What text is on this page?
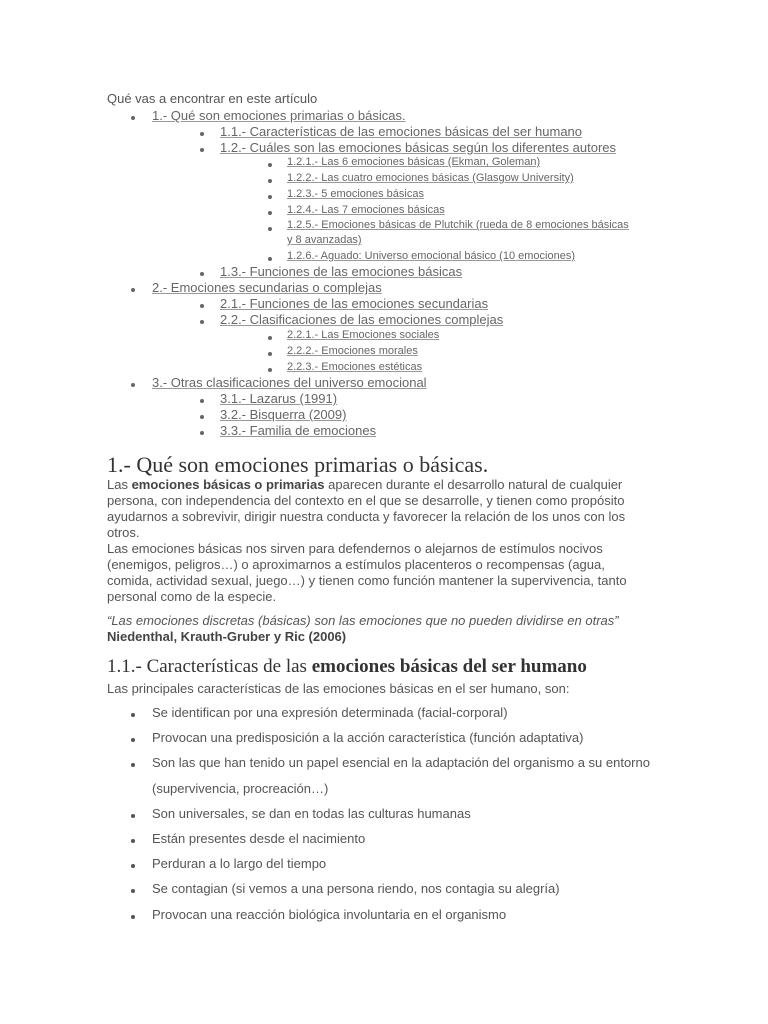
Qué vas a encontrar en este artículo
1.- Qué son emociones primarias o básicas.
1.1.- Características de las emociones básicas del ser humano
1.2.- Cuáles son las emociones básicas según los diferentes autores
1.2.1.- Las 6 emociones básicas (Ekman, Goleman)
1.2.2.- Las cuatro emociones básicas (Glasgow University)
1.2.3.- 5 emociones básicas
1.2.4.- Las 7 emociones básicas
1.2.5.- Emociones básicas de Plutchik (rueda de 8 emociones básicas
y 8 avanzadas)
1.2.6.- Aguado: Universo emocional básico (10 emociones)
1.3.- Funciones de las emociones básicas
2.- Emociones secundarias o complejas
2.1.- Funciones de las emociones secundarias
2.2.- Clasificaciones de las emociones complejas
2.2.1.- Las Emociones sociales
2.2.2.- Emociones morales
2.2.3.- Emociones estéticas
3.- Otras clasificaciones del universo emocional
3.1.- Lazarus (1991)
3.2.- Bisquerra (2009)
3.3.- Familia de emociones
1.- Qué son emociones primarias o básicas.
Las emociones básicas o primarias aparecen durante el desarrollo natural de cualquier persona, con independencia del contexto en el que se desarrolle, y tienen como propósito ayudarnos a sobrevivir, dirigir nuestra conducta y favorecer la relación de los unos con los otros.
Las emociones básicas nos sirven para defendernos o alejarnos de estímulos nocivos (enemigos, peligros…) o aproximarnos a estímulos placenteros o recompensas (agua, comida, actividad sexual, juego…) y tienen como función mantener la supervivencia, tanto personal como de la especie.
“Las emociones discretas (básicas) son las emociones que no pueden dividirse en otras”
Niedenthal, Krauth-Gruber y Ric (2006)
1.1.- Características de las emociones básicas del ser humano
Las principales características de las emociones básicas en el ser humano, son:
Se identifican por una expresión determinada (facial-corporal)
Provocan una predisposición a la acción característica (función adaptativa)
Son las que han tenido un papel esencial en la adaptación del organismo a su entorno
(supervivencia, procreación…)
Son universales, se dan en todas las culturas humanas
Están presentes desde el nacimiento
Perduran a lo largo del tiempo
Se contagian (si vemos a una persona riendo, nos contagia su alegría)
Provocan una reacción biológica involuntaria en el organismo
